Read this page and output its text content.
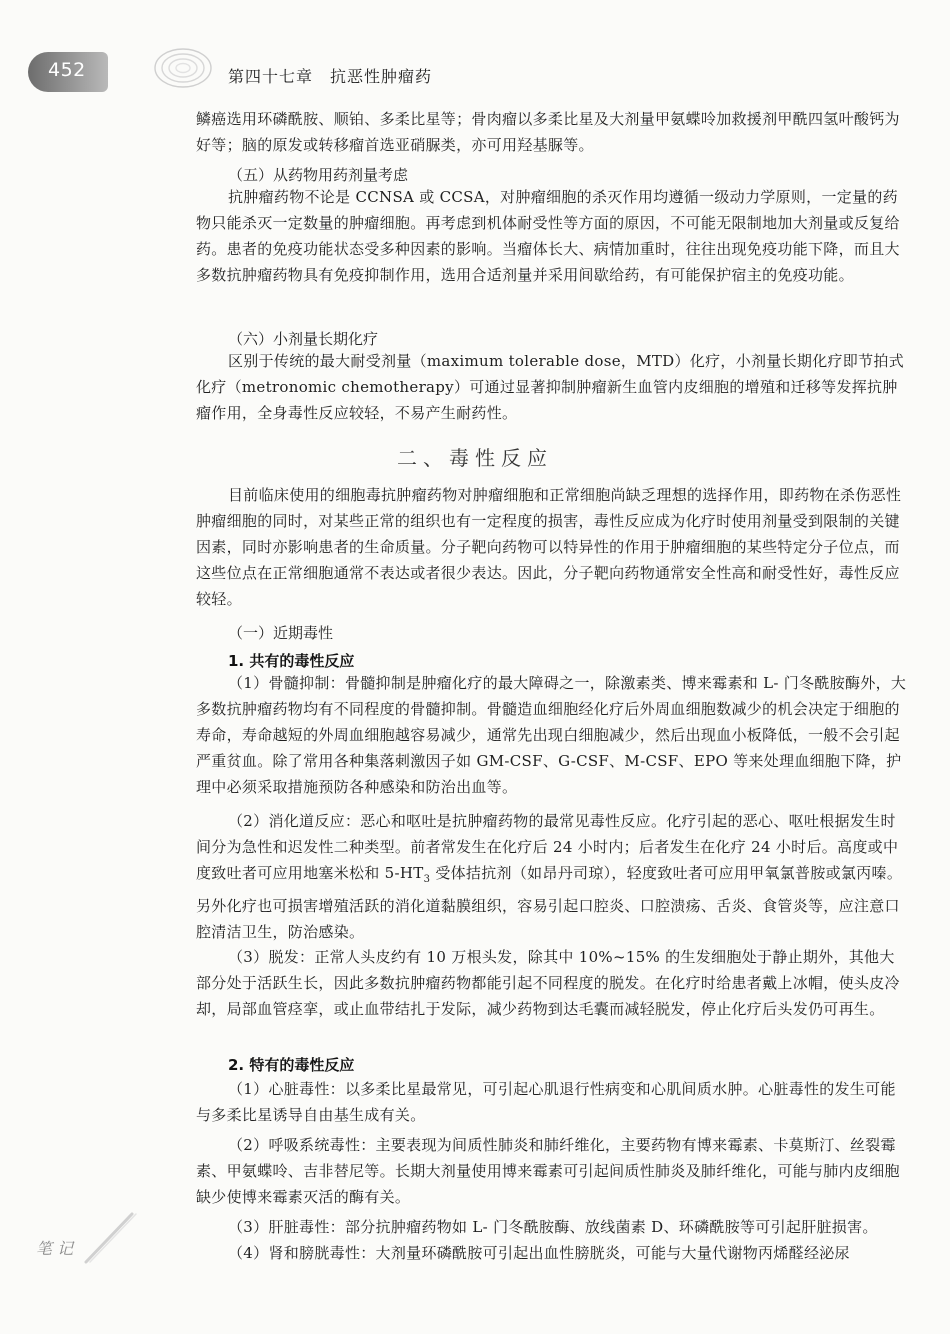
452	第四十七章　抗恶性肿瘤药

鳞癌选用环磷酰胺、顺铂、多柔比星等；骨肉瘤以多柔比星及大剂量甲氨蝶呤加救援剂甲酰四氢叶酸钙为好等；脑的原发或转移瘤首选亚硝脲类，亦可用羟基脲等。

（五）从药物用药剂量考虑

抗肿瘤药物不论是 CCNSA 或 CCSA，对肿瘤细胞的杀灭作用均遵循一级动力学原则，一定量的药物只能杀灭一定数量的肿瘤细胞。再考虑到机体耐受性等方面的原因，不可能无限制地加大剂量或反复给药。患者的免疫功能状态受多种因素的影响。当瘤体长大、病情加重时，往往出现免疫功能下降，而且大多数抗肿瘤药物具有免疫抑制作用，选用合适剂量并采用间歇给药，有可能保护宿主的免疫功能。

（六）小剂量长期化疗

区别于传统的最大耐受剂量（maximum tolerable dose，MTD）化疗，小剂量长期化疗即节拍式化疗（metronomic chemotherapy）可通过显著抑制肿瘤新生血管内皮细胞的增殖和迁移等发挥抗肿瘤作用，全身毒性反应较轻，不易产生耐药性。

二、毒性反应

目前临床使用的细胞毒抗肿瘤药物对肿瘤细胞和正常细胞尚缺乏理想的选择作用，即药物在杀伤恶性肿瘤细胞的同时，对某些正常的组织也有一定程度的损害，毒性反应成为化疗时使用剂量受到限制的关键因素，同时亦影响患者的生命质量。分子靶向药物可以特异性的作用于肿瘤细胞的某些特定分子位点，而这些位点在正常细胞通常不表达或者很少表达。因此，分子靶向药物通常安全性高和耐受性好，毒性反应较轻。

（一）近期毒性
1. 共有的毒性反应

（1）骨髓抑制：骨髓抑制是肿瘤化疗的最大障碍之一，除激素类、博来霉素和 L- 门冬酰胺酶外，大多数抗肿瘤药物均有不同程度的骨髓抑制。骨髓造血细胞经化疗后外周血细胞数减少的机会决定于细胞的寿命，寿命越短的外周血细胞越容易减少，通常先出现白细胞减少，然后出现血小板降低，一般不会引起严重贫血。除了常用各种集落刺激因子如 GM-CSF、G-CSF、M-CSF、EPO 等来处理血细胞下降，护理中必须采取措施预防各种感染和防治出血等。

（2）消化道反应：恶心和呕吐是抗肿瘤药物的最常见毒性反应。化疗引起的恶心、呕吐根据发生时间分为急性和迟发性二种类型。前者常发生在化疗后 24 小时内；后者发生在化疗 24 小时后。高度或中度致吐者可应用地塞米松和 $5-HT_3$ 受体拮抗剂（如昂丹司琼），轻度致吐者可应用甲氧氯普胺或氯丙嗪。另外化疗也可损害增殖活跃的消化道黏膜组织，容易引起口腔炎、口腔溃疡、舌炎、食管炎等，应注意口腔清洁卫生，防治感染。

（3）脱发：正常人头皮约有 10 万根头发，除其中 10%~15% 的生发细胞处于静止期外，其他大部分处于活跃生长，因此多数抗肿瘤药物都能引起不同程度的脱发。在化疗时给患者戴上冰帽，使头皮冷却，局部血管痉挛，或止血带结扎于发际，减少药物到达毛囊而减轻脱发，停止化疗后头发仍可再生。

2. 特有的毒性反应

（1）心脏毒性：以多柔比星最常见，可引起心肌退行性病变和心肌间质水肿。心脏毒性的发生可能与多柔比星诱导自由基生成有关。

（2）呼吸系统毒性：主要表现为间质性肺炎和肺纤维化，主要药物有博来霉素、卡莫斯汀、丝裂霉素、甲氨蝶呤、吉非替尼等。长期大剂量使用博来霉素可引起间质性肺炎及肺纤维化，可能与肺内皮细胞缺少使博来霉素灭活的酶有关。

（3）肝脏毒性：部分抗肿瘤药物如 L- 门冬酰胺酶、放线菌素 D、环磷酰胺等可引起肝脏损害。

（4）肾和膀胱毒性：大剂量环磷酰胺可引起出血性膀胱炎，可能与大量代谢物丙烯醛经泌尿

笔 记
